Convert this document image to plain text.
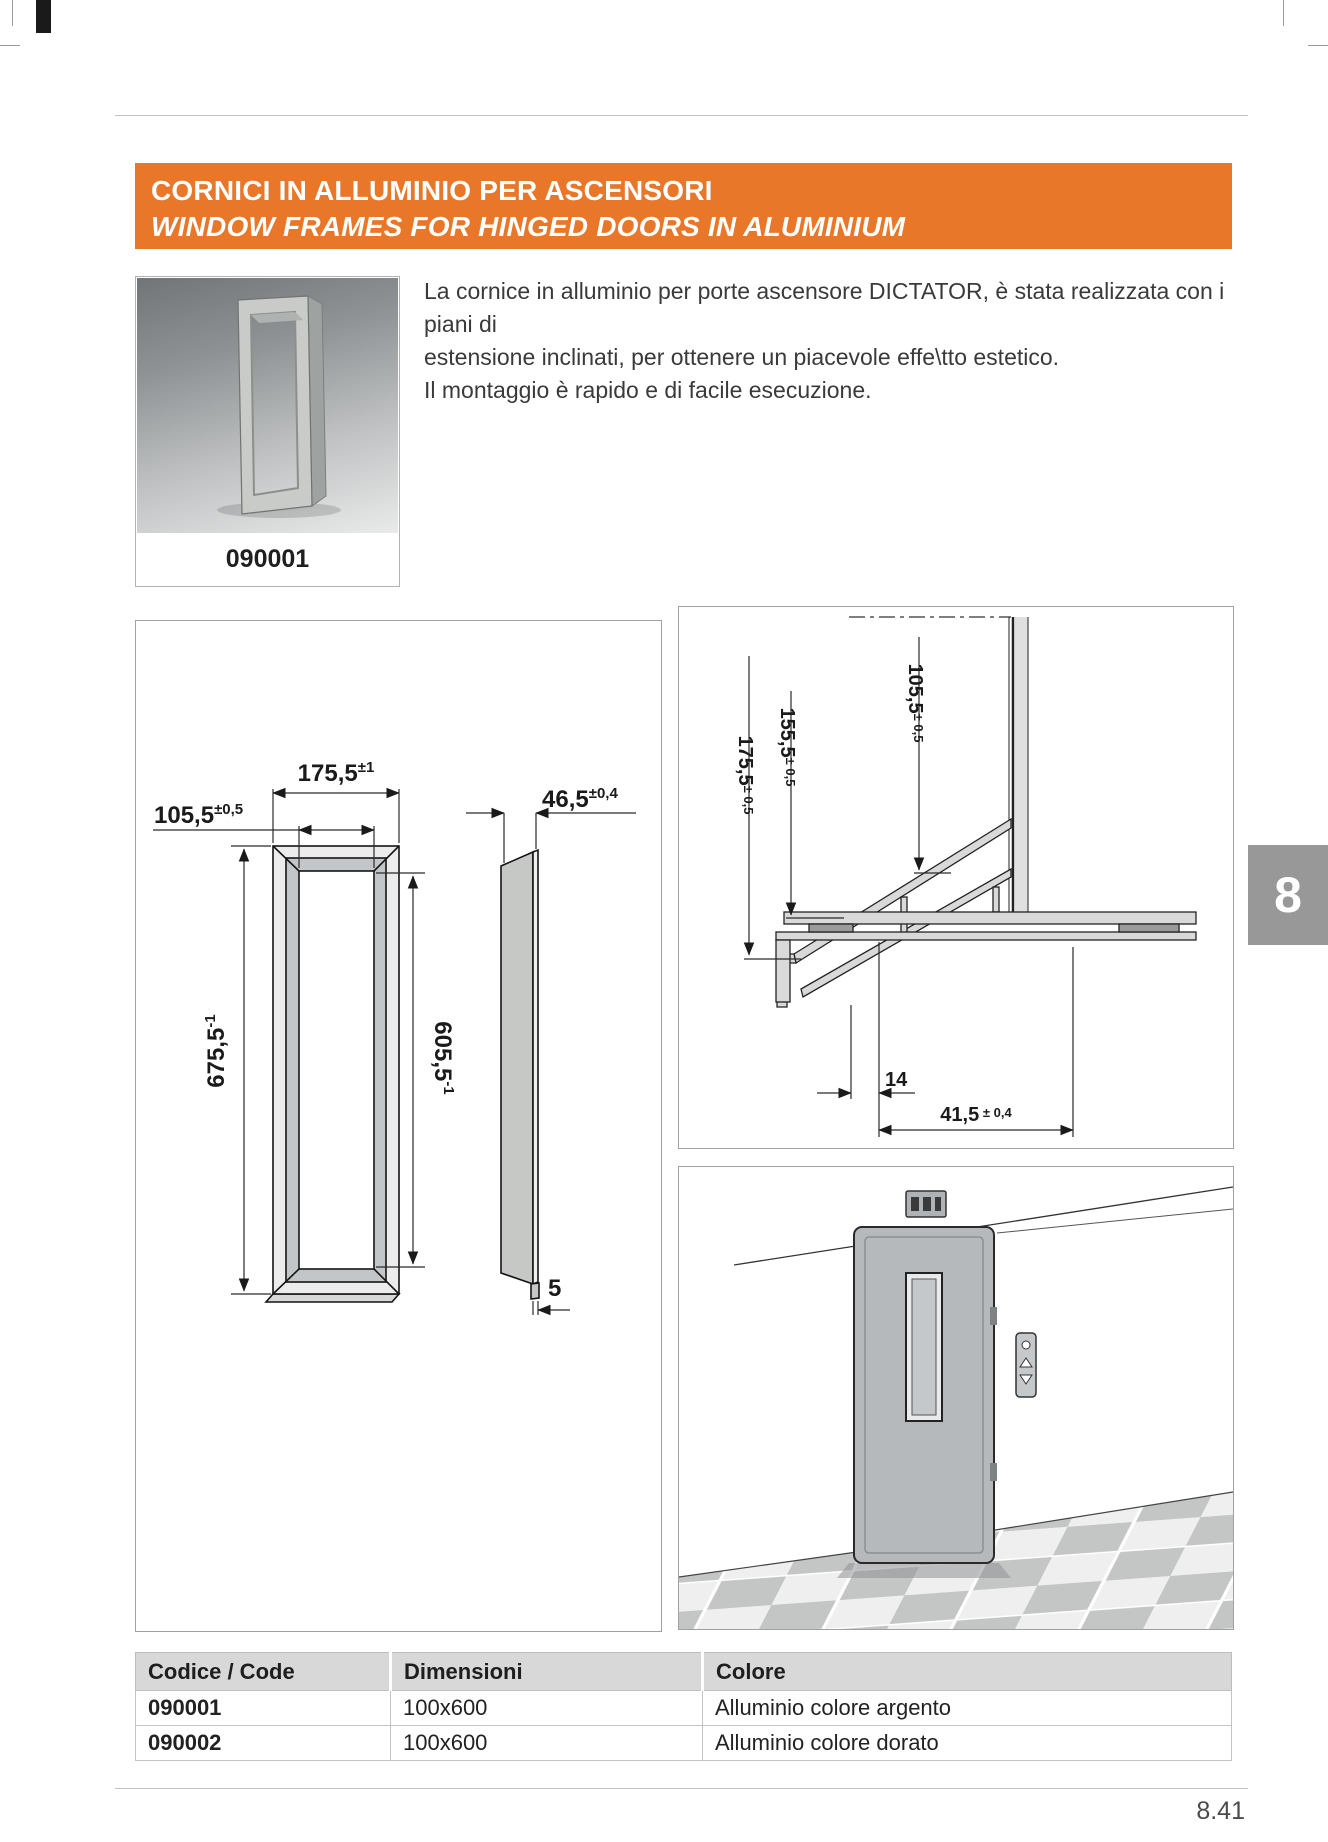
CORNICI IN ALLUMINIO PER ASCENSORI
WINDOW FRAMES FOR HINGED DOORS IN ALUMINIUM
090001
La cornice in alluminio per porte ascensore DICTATOR, è stata realizzata con i piani di
estensione inclinati, per ottenere un piacevole effe\tto estetico.
Il montaggio è rapido e di facile esecuzione.
$175,5^{\pm 1}$
$105,5^{\pm 0,5}$
$675,5^{-1}$
$605,5^{-1}$
$46,5^{\pm 0,4}$
5
$175,5^{\pm 0,5}$
$155,5^{\pm 0,5}$
$105,5^{\pm 0,5}$
14
41,5 ± 0,4
Codice / Code	Dimensioni	Colore
090001	100x600	Alluminio colore argento
090002	100x600	Alluminio colore dorato
8.41
8
